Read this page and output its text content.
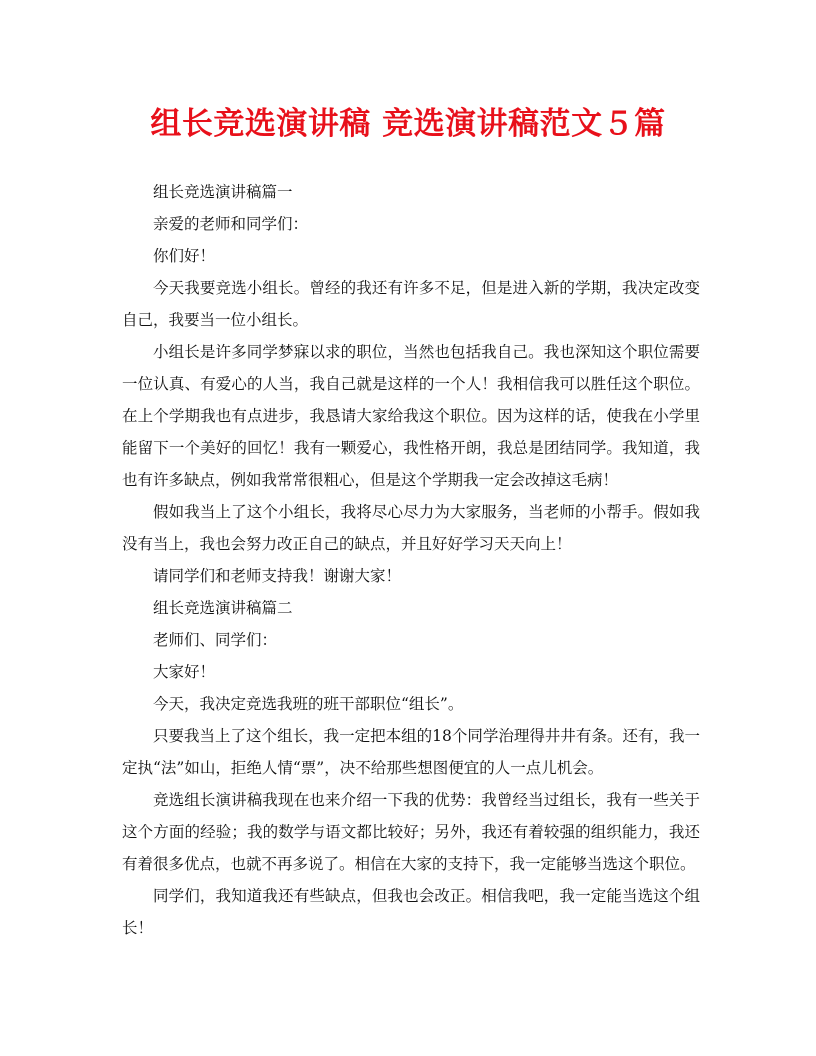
组长竞选演讲稿 竞选演讲稿范文５篇

组长竞选演讲稿篇一

亲爱的老师和同学们：

你们好！

今天我要竞选小组长。曾经的我还有许多不足，但是进入新的学期，我决定改变自己，我要当一位小组长。

小组长是许多同学梦寐以求的职位，当然也包括我自己。我也深知这个职位需要一位认真、有爱心的人当，我自己就是这样的一个人！我相信我可以胜任这个职位。在上个学期我也有点进步，我恳请大家给我这个职位。因为这样的话，使我在小学里能留下一个美好的回忆！我有一颗爱心，我性格开朗，我总是团结同学。我知道，我也有许多缺点，例如我常常很粗心，但是这个学期我一定会改掉这毛病！

假如我当上了这个小组长，我将尽心尽力为大家服务，当老师的小帮手。假如我没有当上，我也会努力改正自己的缺点，并且好好学习天天向上！

请同学们和老师支持我！谢谢大家！

组长竞选演讲稿篇二

老师们、同学们：

大家好！

今天，我决定竞选我班的班干部职位“组长”。

只要我当上了这个组长，我一定把本组的18个同学治理得井井有条。还有，我一定执“法”如山，拒绝人情“票”，决不给那些想图便宜的人一点儿机会。

竞选组长演讲稿我现在也来介绍一下我的优势：我曾经当过组长，我有一些关于这个方面的经验；我的数学与语文都比较好；另外，我还有着较强的组织能力，我还有着很多优点，也就不再多说了。相信在大家的支持下，我一定能够当选这个职位。

同学们，我知道我还有些缺点，但我也会改正。相信我吧，我一定能当选这个组长！
